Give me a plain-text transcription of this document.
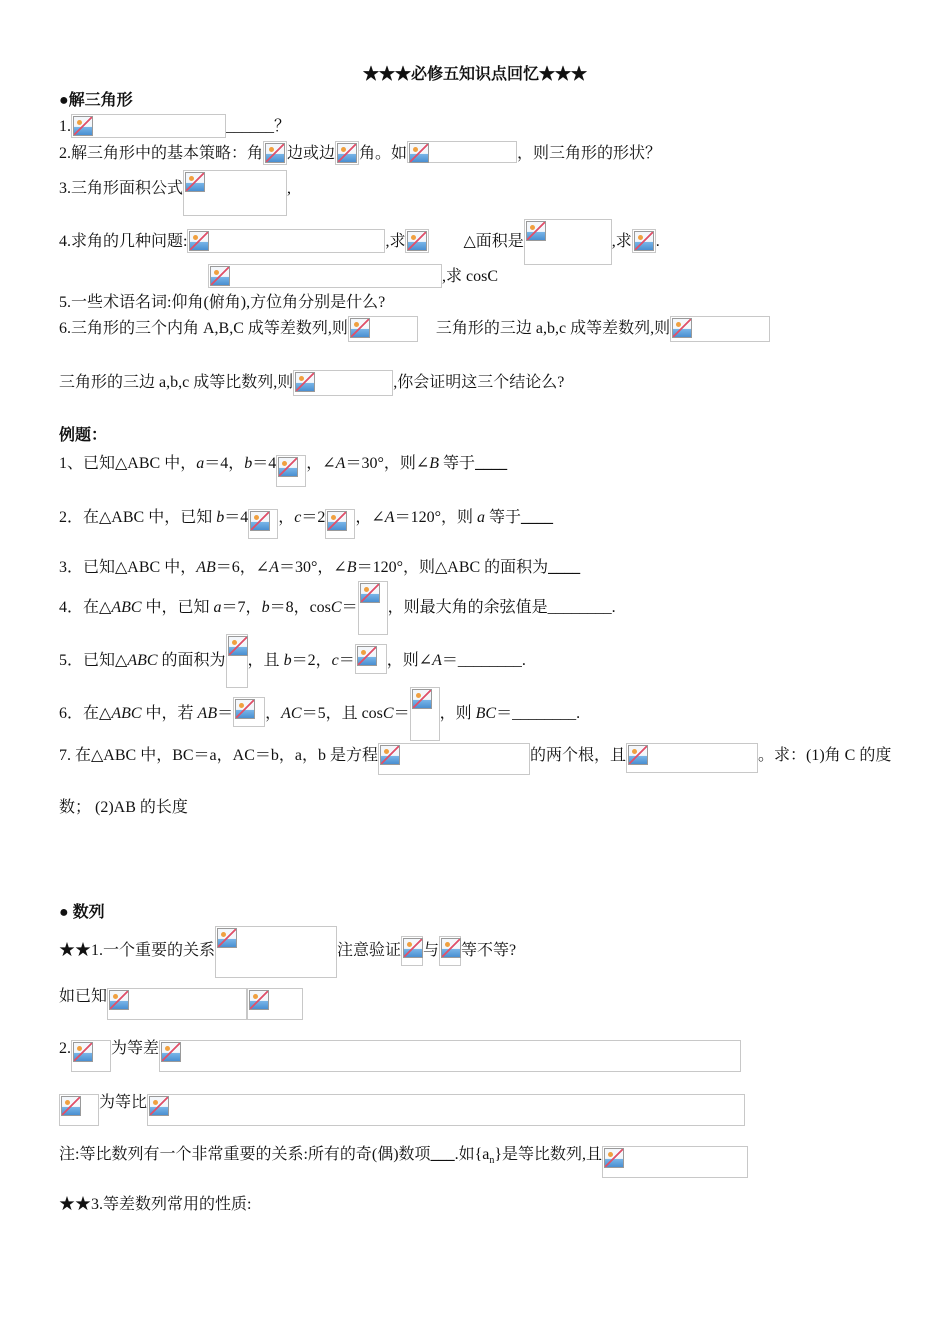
★★★必修五知识点回忆★★★
●解三角形
1.	______？
2.解三角形中的基本策略：角 边或边 角。如	，则三角形的形状？
3.三角形面积公式	,
4.求角的几种问题:	,求	△面积是	,求 .
,求 cosC
5.一些术语名词:仰角(俯角),方位角分别是什么?
6.三角形的三个内角 A,B,C 成等差数列,则	三角形的三边 a,b,c 成等差数列,则
三角形的三边 a,b,c 成等比数列,则	,你会证明这三个结论么?
例题：
1、已知△ABC 中，a＝4，b＝4 ，∠A＝30°，则∠B 等于____
2．在△ABC 中，已知 b＝4 ，c＝2 ，∠A＝120°，则 a 等于____
3．已知△ABC 中，AB＝6，∠A＝30°，∠B＝120°，则△ABC 的面积为____
4．在△ABC 中，已知 a＝7，b＝8，cosC＝ ，则最大角的余弦值是________.
5．已知△ABC 的面积为 ，且 b＝2，c＝ ，则∠A＝________.
6．在△ABC 中，若 AB＝ ，AC＝5，且 cosC＝ ，则 BC＝________.
7. 在△ABC 中，BC＝a，AC＝b，a，b 是方程	的两个根，且	。求：(1)角 C 的度
数； (2)AB 的长度
● 数列
★★1.一个重要的关系	注意验证 与 等不等?
如已知
2.	为等差
为等比
注:等比数列有一个非常重要的关系:所有的奇(偶)数项___.如$\{a_n\}$是等比数列,且
★★3.等差数列常用的性质:
